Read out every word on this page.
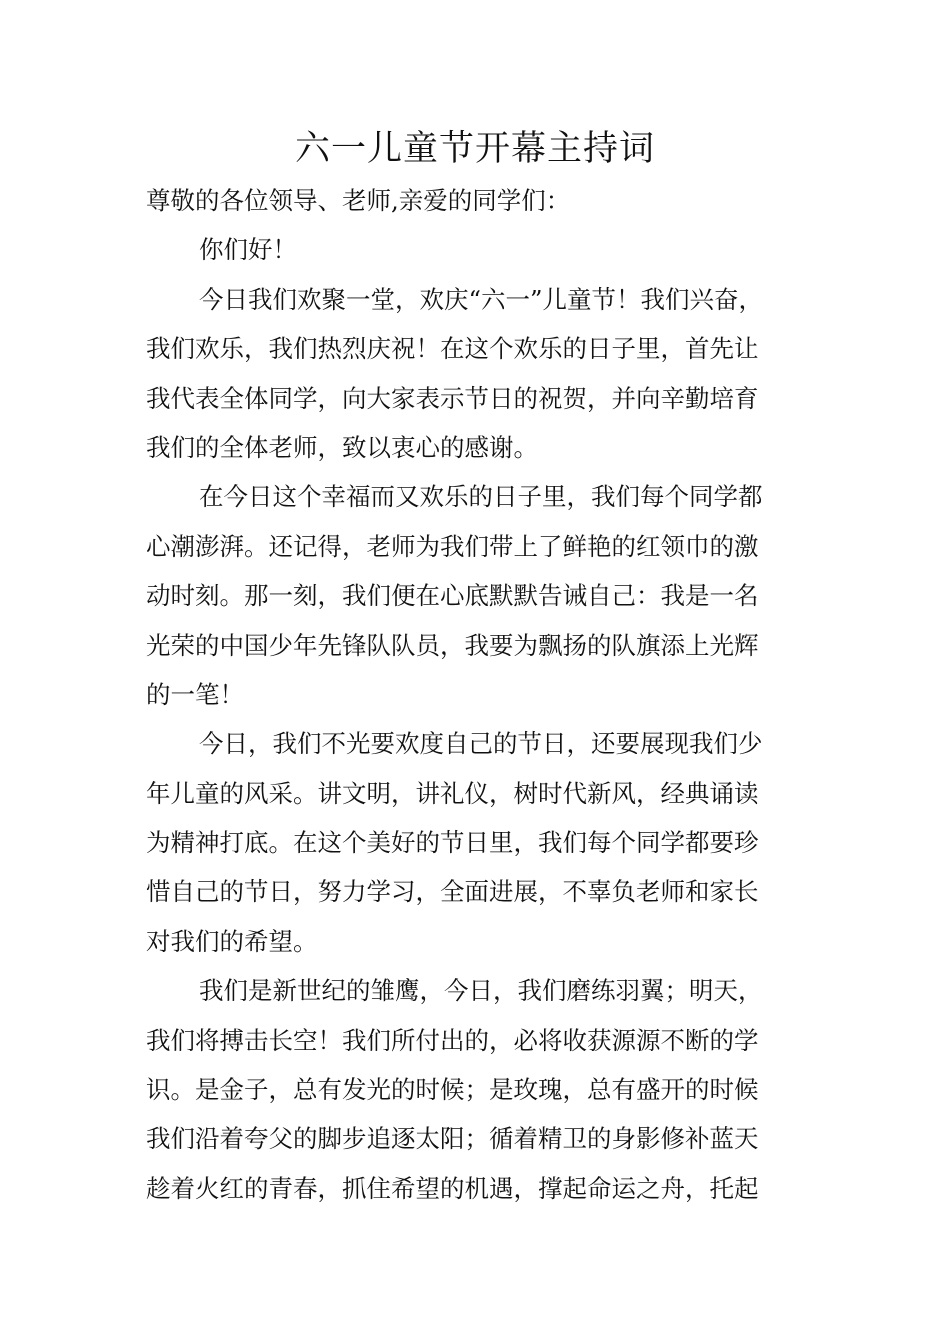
六一儿童节开幕主持词
尊敬的各位领导、老师,亲爱的同学们：
你们好！
今日我们欢聚一堂，欢庆“六一”儿童节！我们兴奋，
我们欢乐，我们热烈庆祝！在这个欢乐的日子里，首先让
我代表全体同学，向大家表示节日的祝贺，并向辛勤培育
我们的全体老师，致以衷心的感谢。
在今日这个幸福而又欢乐的日子里，我们每个同学都
心潮澎湃。还记得，老师为我们带上了鲜艳的红领巾的激
动时刻。那一刻，我们便在心底默默告诫自己：我是一名
光荣的中国少年先锋队队员，我要为飘扬的队旗添上光辉
的一笔！
今日，我们不光要欢度自己的节日，还要展现我们少
年儿童的风采。讲文明，讲礼仪，树时代新风，经典诵读
为精神打底。在这个美好的节日里，我们每个同学都要珍
惜自己的节日，努力学习，全面进展，不辜负老师和家长
对我们的希望。
我们是新世纪的雏鹰，今日，我们磨练羽翼；明天，
我们将搏击长空！我们所付出的，必将收获源源不断的学
识。是金子，总有发光的时候；是玫瑰，总有盛开的时候
我们沿着夸父的脚步追逐太阳；循着精卫的身影修补蓝天
趁着火红的青春，抓住希望的机遇，撑起命运之舟，托起
